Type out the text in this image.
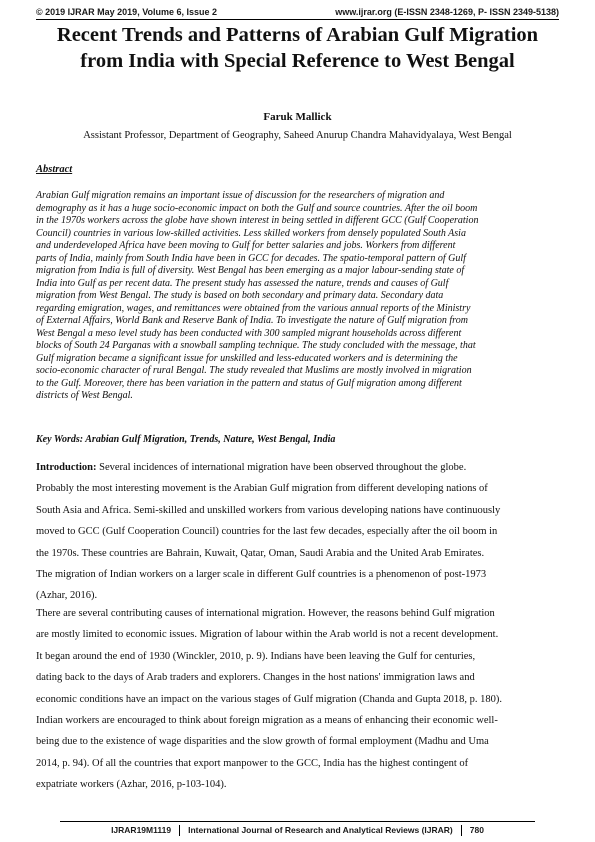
© 2019 IJRAR May 2019, Volume 6, Issue 2	www.ijrar.org (E-ISSN 2348-1269, P- ISSN 2349-5138)
Recent Trends and Patterns of Arabian Gulf Migration from India with Special Reference to West Bengal
Faruk Mallick
Assistant Professor, Department of Geography, Saheed Anurup Chandra Mahavidyalaya, West Bengal
Abstract

Arabian Gulf migration remains an important issue of discussion for the researchers of migration and
demography as it has a huge socio-economic impact on both the Gulf and source countries. After the oil boom
in the 1970s workers across the globe have shown interest in being settled in different GCC (Gulf Cooperation
Council) countries in various low-skilled activities. Less skilled workers from densely populated South Asia
and underdeveloped Africa have been moving to Gulf for better salaries and jobs. Workers from different
parts of India, mainly from South India have been in GCC for decades. The spatio-temporal pattern of Gulf
migration from India is full of diversity. West Bengal has been emerging as a major labour-sending state of
India into Gulf as per recent data. The present study has assessed the nature, trends and causes of Gulf
migration from West Bengal. The study is based on both secondary and primary data. Secondary data
regarding emigration, wages, and remittances were obtained from the various annual reports of the Ministry
of External Affairs, World Bank and Reserve Bank of India. To investigate the nature of Gulf migration from
West Bengal a meso level study has been conducted with 300 sampled migrant households across different
blocks of South 24 Parganas with a snowball sampling technique. The study concluded with the message, that
Gulf migration became a significant issue for unskilled and less-educated workers and is determining the
socio-economic character of rural Bengal. The study revealed that Muslims are mostly involved in migration
to the Gulf. Moreover, there has been variation in the pattern and status of Gulf migration among different
districts of West Bengal.

Key Words: Arabian Gulf Migration, Trends, Nature, West Bengal, India

Introduction: Several incidences of international migration have been observed throughout the globe.
Probably the most interesting movement is the Arabian Gulf migration from different developing nations of
South Asia and Africa. Semi-skilled and unskilled workers from various developing nations have continuously
moved to GCC (Gulf Cooperation Council) countries for the last few decades, especially after the oil boom in
the 1970s. These countries are Bahrain, Kuwait, Qatar, Oman, Saudi Arabia and the United Arab Emirates.
The migration of Indian workers on a larger scale in different Gulf countries is a phenomenon of post-1973
(Azhar, 2016).

There are several contributing causes of international migration. However, the reasons behind Gulf migration
are mostly limited to economic issues. Migration of labour within the Arab world is not a recent development.
It began around the end of 1930 (Winckler, 2010, p. 9). Indians have been leaving the Gulf for centuries,
dating back to the days of Arab traders and explorers. Changes in the host nations' immigration laws and
economic conditions have an impact on the various stages of Gulf migration (Chanda and Gupta 2018, p. 180).
Indian workers are encouraged to think about foreign migration as a means of enhancing their economic well-
being due to the existence of wage disparities and the slow growth of formal employment (Madhu and Uma
2014, p. 94). Of all the countries that export manpower to the GCC, India has the highest contingent of
expatriate workers (Azhar, 2016, p-103-104).

IJRAR19M1119 International Journal of Research and Analytical Reviews (IJRAR) 780
